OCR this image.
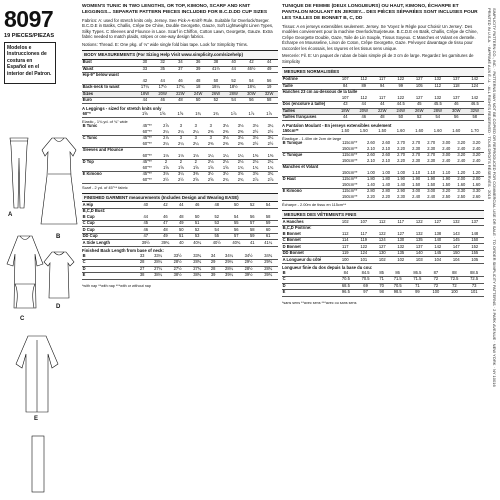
8097
19 PIECES/PIEZAS
Modelos e Instrucciones de costura en Español en el interior del Patron.
A
B
C
D
E
WOMEN'S TUNIC IN TWO LENGTHS, OR TOP, KIMONO, SCARF AND KNIT LEGGINGS... SEPARATE PATTERN PIECES INCLUDED FOR B.C.D.DD CUP SIZES
Fabrics: A: used for stretch knits only. Jersey. See Pick-A-Knit® Rule. Suitable for Overlock/Serger. B.C.D.E in Batiks, Challis, Crêpe De Chine, Double Georgette, Gauze, Soft Lightweight Linen Types, Silky Types. C Sleeves and Flounce in Lace. Scarf in Chiffon, Cotton Lawn, Georgette, Gauze. Extra fabric needed to match plaids, stripes or one-way design fabrics.
Notions: Thread. E: One pkg. of ⅛" wide single fold bias tape. Look for Simplicity Trims.
BODY MEASUREMENTS (For Sizing Help Visit www.simplicity.com/sizehelp)
Bust	30	32	34	36	38	40	42	44
Waist	33	35	37	39	41½	44	46½	49
Hip-9" below waist								
	42	44	46	48	50	52	54	56
Back-neck to waist	17¼	17½	17¾	18	18¼	18½	18¾	19
Sizes	18W	20W	22W	24W	26W	28W	30W	32W
Euro	44	46	48	50	52	54	56	58
A Leggings - sized for stretch knits only
60"*	1⅝	1⅝	1⅝	1¾	1¾	1⅞	1⅞	1⅞
Elastic - 1¾ yd. of ¾" wide
B Tunic	45"**	2⅞	3	3	3	3⅛	3⅛	3⅛	3¼
	60"**	2¼	2¼	2¼	2⅜	2⅜	2⅜	2½	2½
C Tunic	45"**	2⅞	3	3	3	3⅛	3⅛	3⅛	3¼
	60"**	2¼	2¼	2¼	2⅜	2⅜	2⅜	2½	2½
Sleeves and Flounce									
	60"**	1⅛	1⅛	1⅛	1¼	1¼	1¼	1⅜	1⅜
D Top	45"**	2	2	2	2⅛	2⅛	2⅛	2⅛	2¼
	60"**	1⅝	1⅝	1⅝	1⅝	1⅝	1¾	1¾	1¾
E Kimono	45"**	3⅛	3¼	3⅜	3½	3½	3⅝	3⅝	3¾
	60"**	2½	2½	2⅝	2⅝	2¾	2¾	2⅞	2⅞
Scarf - 2 yd. of 45"** fabric
FINISHED GARMENT measurements (Includes Design and Wearing EASE)
A Hip	40	42	44	46	48	50	52	54
B,C,D Bust:								
B Cup	44	46	48	50	52	54	56	58
C Cup	45	47	49	51	53	55	57	59
D Cup	46	48	50	52	54	56	58	60
DD Cup	47	49	51	53	55	57	59	61
A Side Length	39½	39¾	40	40¼	40½	40¾	41	41¼
Finished Back Length from base of neck:
B	33	33¼	33½	33¾	34	34¼	34½	34¾
C	28	28¼	28½	28¾	29	29¼	29½	29¾
D	27	27¼	27½	27¾	28	28¼	28½	28¾
E	38	38¼	38½	38¾	39	39¼	39½	39¾
*with nap **with nap ***with or without nap
TUNIQUE DE FEMME (DEUX LONGUEURS) OU HAUT, KIMONO, ÉCHARPE ET PANTALON MOULANT EN JERSEY... DES PIÈCES SÉPARÉES SONT INCLUSES POUR LES TAILLES DE BONNET B, C, DD
Tissus: A en jerseys extensibles seulement. Jersey. Se 'Voyez le Règle pour Choisir Un Jersey'. Des modèles conviennent pour la machine Overlock/Surjeteuse. B.C.D.E en Batik, Challis, Crêpe de Chine, Crêpe Georgette Double, Gaze, Toile de Lin Souple, Tissus Soyeux. C Manches et Volant en dentelle. Écharpe en Mousseline, Linon de Coton, Crêpe Georgette, Gaze. Prévoyez davantage de tissu pour raccorder les écossais, les rayures et les tissus sens unique.
Mercerie: Fil. E: Un paquet de ruban de biais simple pli de 3 cm de large. Regardez les garnitures de Simplicity
MESURES NORMALISÉES
Poitrine	107	112	117	122	127	132	137	142
Taille	84	89	94	99	105	112	118	124
Hanches 23 cm au-dessous de la taille								
	107	112	117	122	127	132	137	142
Dos (encolure à taille)	43	44	44	44.5	45	45.5	46	46.5
Tailles	18W	20W	22W	24W	26W	28W	30W	32W
Tailles françaises	44	46	48	50	52	54	56	58
A Pantalon Moulant - En jerseys extensibles seulement
150cm**	1.50	1.50	1.50	1.60	1.60	1.60	1.60	1.70
Élastique - 1.40m de 2cm de large
B Tunique	115cm**	2.60	2.60	2.70	2.70	2.70	3.00	3.20	3.20
	150cm**	2.10	2.10	2.20	2.30	2.30	2.40	2.40	2.40
C Tunique	115cm**	2.60	2.60	2.70	2.70	2.70	3.00	3.20	3.20
	150cm**	2.10	2.10	2.20	2.30	2.30	2.40	2.40	2.40
Manches et Volant									
	150cm**	1.00	1.00	1.00	1.10	1.10	1.10	1.20	1.20
D Haut	115cm**	1.80	1.80	1.90	1.90	1.90	1.90	2.00	2.00
	150cm**	1.40	1.40	1.40	1.50	1.50	1.50	1.60	1.60
E Kimono	115cm**	2.80	2.80	2.90	3.00	3.00	3.20	3.30	3.30
	150cm**	2.20	2.20	2.30	2.40	2.40	2.50	2.50	2.60
Écharpe - 2.00m de tissu en 115cm**
MESURES DES VÊTEMENTS FINIS
A Hanches	102	107	112	117	122	127	132	137
B,C,D Poitrine:								
B Bonnet	112	117	122	127	132	138	143	148
C Bonnet	114	119	124	130	135	140	145	150
D Bonnet	117	122	127	132	137	142	147	152
DD Bonnet	119	124	130	135	140	145	150	155
A Longueur du côté	100	101	102	102	103	104	104	105
Longueur finie du dos depuis la base du cou:
B	84	84.5	85	86	86.5	87	88	88.5
C	70.5	70.5	71	71.5	71.5	72	72.5	72.5
D	68.5	69	70	70.5	71	72	72	73
E	96.5	97	98	98.5	99	100	100	101
*sans sens **avec sens ***avec ou sans sens	SIMPLICITY PATTERN CO., INC. · PATTERNS MAY NOT BE COPIED OR REPRODUCED FOR COMMERCIAL USE OR SALE · TO ORDER SIMPLICITY PATTERNS · 2 PARK AVENUE · NEW YORK · NY 10016
PRINTED IN U.S.A. · IMPRIMÉ AUX É.-U. · ALL RIGHTS RESERVED · TOUS DROITS RÉSERVÉS · 2015
